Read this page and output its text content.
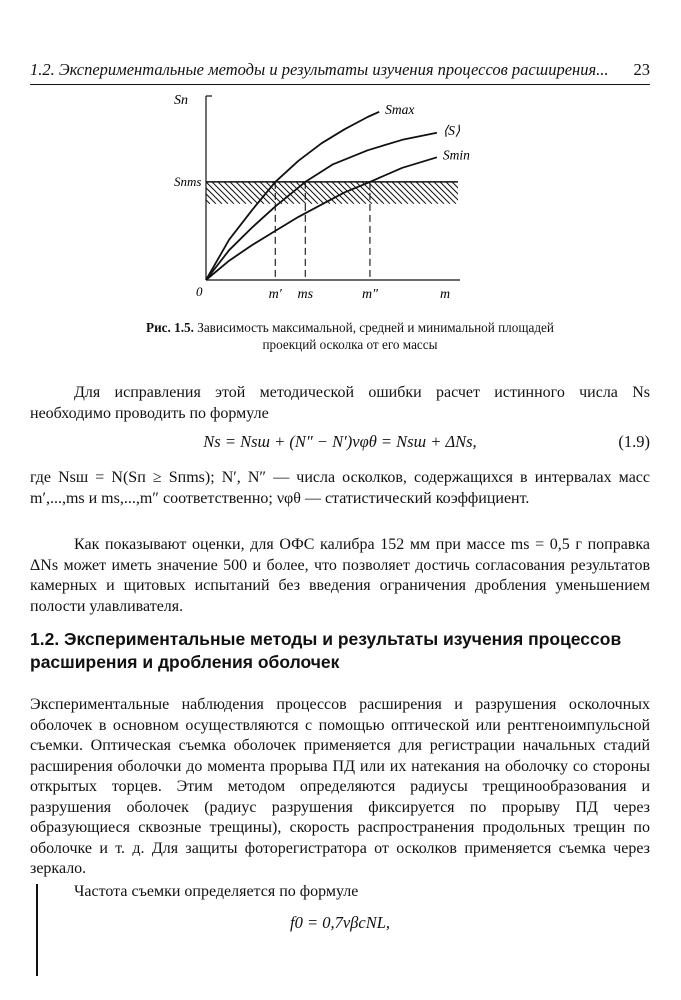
1.2. Экспериментальные методы и результаты изучения процессов расширения... 23
m′ ms	m″
Smax
⟨S⟩
Smin
Sп
Sпms
0	m
Рис. 1.5. Зависимость максимальной, средней и минимальной площадей проекций осколка от его массы
Для исправления этой методической ошибки расчет истинного числа Ns необходимо проводить по формуле
Ns = Nsш + (N″ − N′)νφθ = Nsш + ΔNs,	(1.9)
где Nsш = N(Sп ≥ Sпms); N′, N″ — числа осколков, содержащихся в интервалах масс m′,...,ms и ms,...,m″ соответственно; νφθ — статистический коэффициент.
Как показывают оценки, для ОФС калибра 152 мм при массе ms = 0,5 г поправка ΔNs может иметь значение 500 и более, что позволяет достичь согласования результатов камерных и щитовых испытаний без введения ограничения дробления уменьшением полости улавливателя.
1.2. Экспериментальные методы и результаты изучения процессов расширения и дробления оболочек
Экспериментальные наблюдения процессов расширения и разрушения осколочных оболочек в основном осуществляются с помощью оптической или рентгеноимпульсной съемки. Оптическая съемка оболочек применяется для регистрации начальных стадий расширения оболочки до момента прорыва ПД или их натекания на оболочку со стороны открытых торцев. Этим методом определяются радиусы трещинообразования и разрушения оболочек (радиус разрушения фиксируется по прорыву ПД через образующиеся сквозные трещины), скорость распространения продольных трещин по оболочке и т. д. Для защиты фоторегистратора от осколков применяется съемка через зеркало.
Частота съемки определяется по формуле
f0 = 0,7νβcNL,
